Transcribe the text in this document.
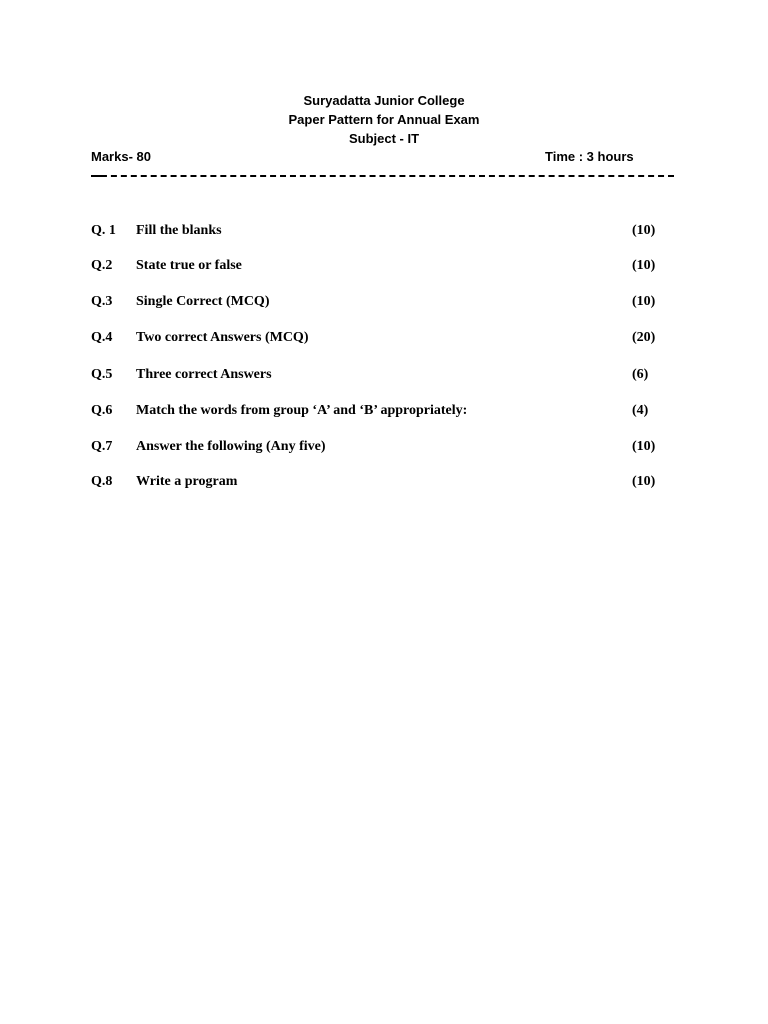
Suryadatta Junior College
Paper Pattern for Annual Exam
Subject - IT
Marks- 80	Time : 3 hours
Q. 1 Fill the blanks	(10)
Q.2 State true or false	(10)
Q.3 Single Correct (MCQ)	(10)
Q.4 Two correct Answers (MCQ)	(20)
Q.5 Three correct Answers	(6)
Q.6 Match the words from group ‘A’ and ‘B’ appropriately:	(4)
Q.7 Answer the following (Any five)	(10)
Q.8 Write a program	(10)
